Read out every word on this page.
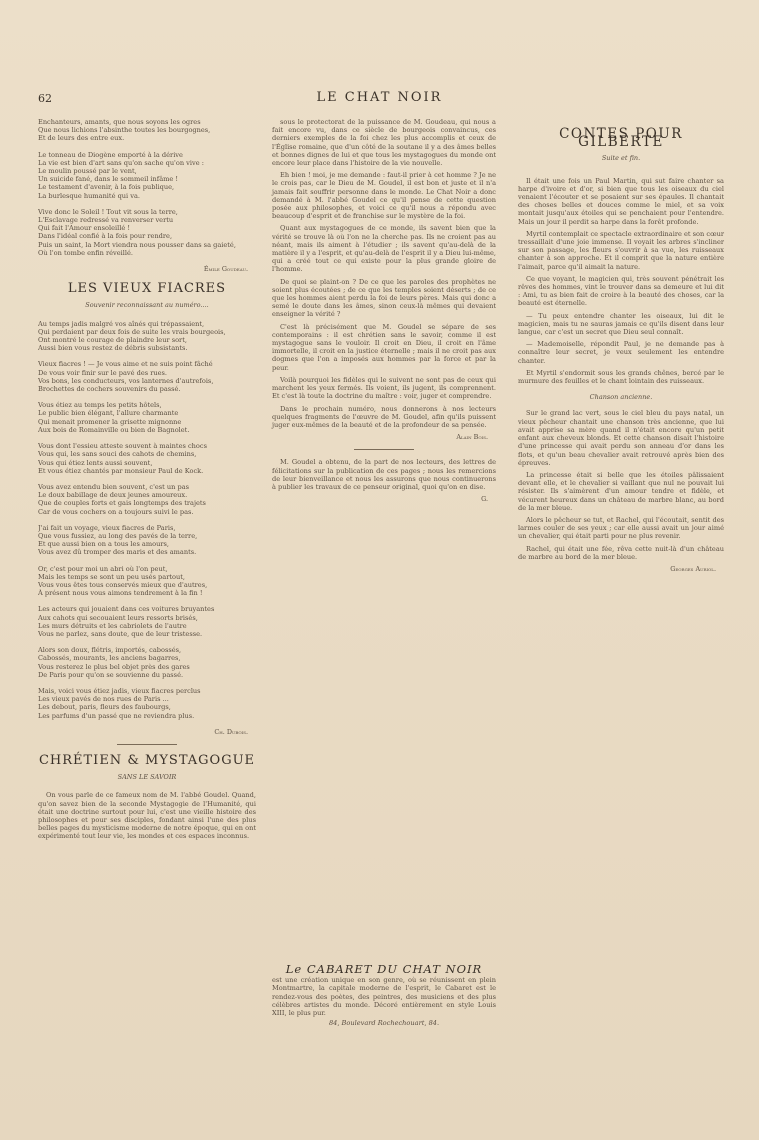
62	LE CHAT NOIR

Enchanteurs, amants, que nous soyons les ogres

Que nous lichions l'absinthe toutes les bourgognes,

Et de leurs des entre eux.

Le tonneau de Diogène emporté à la dérive

La vie est bien d'art sans qu'on sache qu'on vive :

Le moulin poussé par le vent,

Un suicide fané, dans le sommeil infâme !

Le testament d'avenir, à la fois publique,

La burlesque humanité qui va.

Vive donc le Soleil ! Tout vit sous la terre,

L'Esclavage redressé va renverser vertu

Qui fait l'Amour ensoleillé !

Dans l'idéal confié à la fois pour rendre,

Puis un saint, la Mort viendra nous pousser dans sa gaieté,

Où l'on tombe enfin réveillé.

Émile Goudeau.
LES VIEUX FIACRES
Souvenir reconnaissant au numéro....

Au temps jadis malgré vos aînés qui trépassaient,

Qui perdaient par deux fois de suite les vrais bourgeois,

Ont montré le courage de plaindre leur sort,

Aussi bien vous restez de débris subsistants.

Vieux fiacres ! — Je vous aime et ne suis point fâché

De vous voir finir sur le pavé des rues.

Vos bons, les conducteurs, vos lanternes d'autrefois,

Brochettes de cochers souvenirs du passé.

Vous étiez au temps les petits hôtels,

Le public bien élégant, l'allure charmante

Qui menait promener la grisette mignonne

Aux bois de Romainville ou bien de Bagnolet.

Vous dont l'essieu atteste souvent à maintes chocs

Vous qui, les sans souci des cahots de chemins,

Vous qui étiez lents aussi souvent,

Et vous étiez chantés par monsieur Paul de Kock.

Vous avez entendu bien souvent, c'est un pas

Le doux babillage de deux jeunes amoureux.

Que de couples forts et gais longtemps des trajets

Car de vous cochers on a toujours suivi le pas.

J'ai fait un voyage, vieux fiacres de Paris,

Que vous fussiez, au long des pavés de la terre,

Et que aussi bien on a tous les amours,

Vous avez dû tromper des maris et des amants.

Or, c'est pour moi un abri où l'on peut,

Mais les temps se sont un peu usés partout,

Vous vous êtes tous conservés mieux que d'autres,

À présent nous vous aimons tendrement à la fin !

Les acteurs qui jouaient dans ces voitures bruyantes

Aux cahots qui secouaient leurs ressorts brisés,

Les murs détruits et les cabriolets de l'autre

Vous ne parlez, sans doute, que de leur tristesse.

Alors son doux, flétris, importés, cabossés,

Cabossés, mourants, les anciens bagarres,

Vous resterez le plus bel objet près des gares

De Paris pour qu'on se souvienne du passé.

Mais, voici vous étiez jadis, vieux fiacres perclus

Les vieux pavés de nos rues de Paris ...

Les debout, paris, fleurs des faubourgs,

Les parfums d'un passé que ne reviendra plus.

Ch. Dubois.
CHRÉTIEN & MYSTAGOGUE
SANS LE SAVOIR

On vous parle de ce fameux nom de M. l'abbé Goudel. Quand, qu'on savez bien de la seconde Mystagogie de l'Humanité, qui était une doctrine surtout pour lui, c'est une vieille histoire des philosophes et pour ses disciples, fondant ainsi l'une des plus belles pages du mysticisme moderne de notre époque, qui en ont expérimenté tout leur vie, les mondes et ces espaces inconnus.

sous le protectorat de la puissance de M. Goudeau, qui nous a fait encore vu, dans ce siècle de bourgeois convaincus, ces derniers exemples de la foi chez les plus accomplis et ceux de l'Église romaine, que d'un côté de la soutane il y a des âmes belles et bonnes dignes de lui et que tous les mystagogues du monde ont encore leur place dans l'histoire de la vie nouvelle.

Eh bien ! moi, je me demande : faut-il prier à cet homme ? Je ne le crois pas, car le Dieu de M. Goudel, il est bon et juste et il n'a jamais fait souffrir personne dans le monde. Le Chat Noir a donc demandé à M. l'abbé Goudel ce qu'il pense de cette question posée aux philosophes, et voici ce qu'il nous a répondu avec beaucoup d'esprit et de franchise sur le mystère de la foi.

Quant aux mystagogues de ce monde, ils savent bien que la vérité se trouve là où l'on ne la cherche pas. Ils ne croient pas au néant, mais ils aiment à l'étudier ; ils savent qu'au-delà de la matière il y a l'esprit, et qu'au-delà de l'esprit il y a Dieu lui-même, qui a créé tout ce qui existe pour la plus grande gloire de l'homme.

De quoi se plaint-on ? De ce que les paroles des prophètes ne soient plus écoutées ; de ce que les temples soient déserts ; de ce que les hommes aient perdu la foi de leurs pères. Mais qui donc a semé le doute dans les âmes, sinon ceux-là mêmes qui devaient enseigner la vérité ?

C'est là précisément que M. Goudel se sépare de ses contemporains : il est chrétien sans le savoir, comme il est mystagogue sans le vouloir. Il croit en Dieu, il croit en l'âme immortelle, il croit en la justice éternelle ; mais il ne croit pas aux dogmes que l'on a imposés aux hommes par la force et par la peur.

Voilà pourquoi les fidèles qui le suivent ne sont pas de ceux qui marchent les yeux fermés. Ils voient, ils jugent, ils comprennent. Et c'est là toute la doctrine du maître : voir, juger et comprendre.

Dans le prochain numéro, nous donnerons à nos lecteurs quelques fragments de l'œuvre de M. Goudel, afin qu'ils puissent juger eux-mêmes de la beauté et de la profondeur de sa pensée.

Alain Bois.

M. Goudel a obtenu, de la part de nos lecteurs, des lettres de félicitations sur la publication de ces pages ; nous les remercions de leur bienveillance et nous les assurons que nous continuerons à publier les travaux de ce penseur original, quoi qu'on en dise.

G.
Le CABARET DU CHAT NOIR
est une création unique en son genre, où se réunissent en plein Montmartre, la capitale moderne de l'esprit, le Cabaret est le rendez-vous des poètes, des peintres, des musiciens et des plus célèbres artistes du monde. Décoré entièrement en style Louis XIII, le plus pur.
84, Boulevard Rochechouart, 84.
CONTES POUR GILBERTE
Suite et fin.

Il était une fois un Paul Martin, qui sut faire chanter sa harpe d'ivoire et d'or, si bien que tous les oiseaux du ciel venaient l'écouter et se posaient sur ses épaules. Il chantait des choses belles et douces comme le miel, et sa voix montait jusqu'aux étoiles qui se penchaient pour l'entendre. Mais un jour il perdit sa harpe dans la forêt profonde.

Myrtil contemplait ce spectacle extraordinaire et son cœur tressaillait d'une joie immense. Il voyait les arbres s'incliner sur son passage, les fleurs s'ouvrir à sa vue, les ruisseaux chanter à son approche. Et il comprit que la nature entière l'aimait, parce qu'il aimait la nature.

Ce que voyant, le magicien qui, très souvent pénétrait les rêves des hommes, vint le trouver dans sa demeure et lui dit : Ami, tu as bien fait de croire à la beauté des choses, car la beauté est éternelle.

— Tu peux entendre chanter les oiseaux, lui dit le magicien, mais tu ne sauras jamais ce qu'ils disent dans leur langue, car c'est un secret que Dieu seul connaît.

— Mademoiselle, répondit Paul, je ne demande pas à connaître leur secret, je veux seulement les entendre chanter.

Et Myrtil s'endormit sous les grands chênes, bercé par le murmure des feuilles et le chant lointain des ruisseaux.

Chanson ancienne.

Sur le grand lac vert, sous le ciel bleu du pays natal, un vieux pêcheur chantait une chanson très ancienne, que lui avait apprise sa mère quand il n'était encore qu'un petit enfant aux cheveux blonds. Et cette chanson disait l'histoire d'une princesse qui avait perdu son anneau d'or dans les flots, et qu'un beau chevalier avait retrouvé après bien des épreuves.

La princesse était si belle que les étoiles pâlissaient devant elle, et le chevalier si vaillant que nul ne pouvait lui résister. Ils s'aimèrent d'un amour tendre et fidèle, et vécurent heureux dans un château de marbre blanc, au bord de la mer bleue.

Alors le pêcheur se tut, et Rachel, qui l'écoutait, sentit des larmes couler de ses yeux ; car elle aussi avait un jour aimé un chevalier, qui était parti pour ne plus revenir.

Rachel, qui était une fée, rêva cette nuit-là d'un château de marbre au bord de la mer bleue.

Georges Auriol.
